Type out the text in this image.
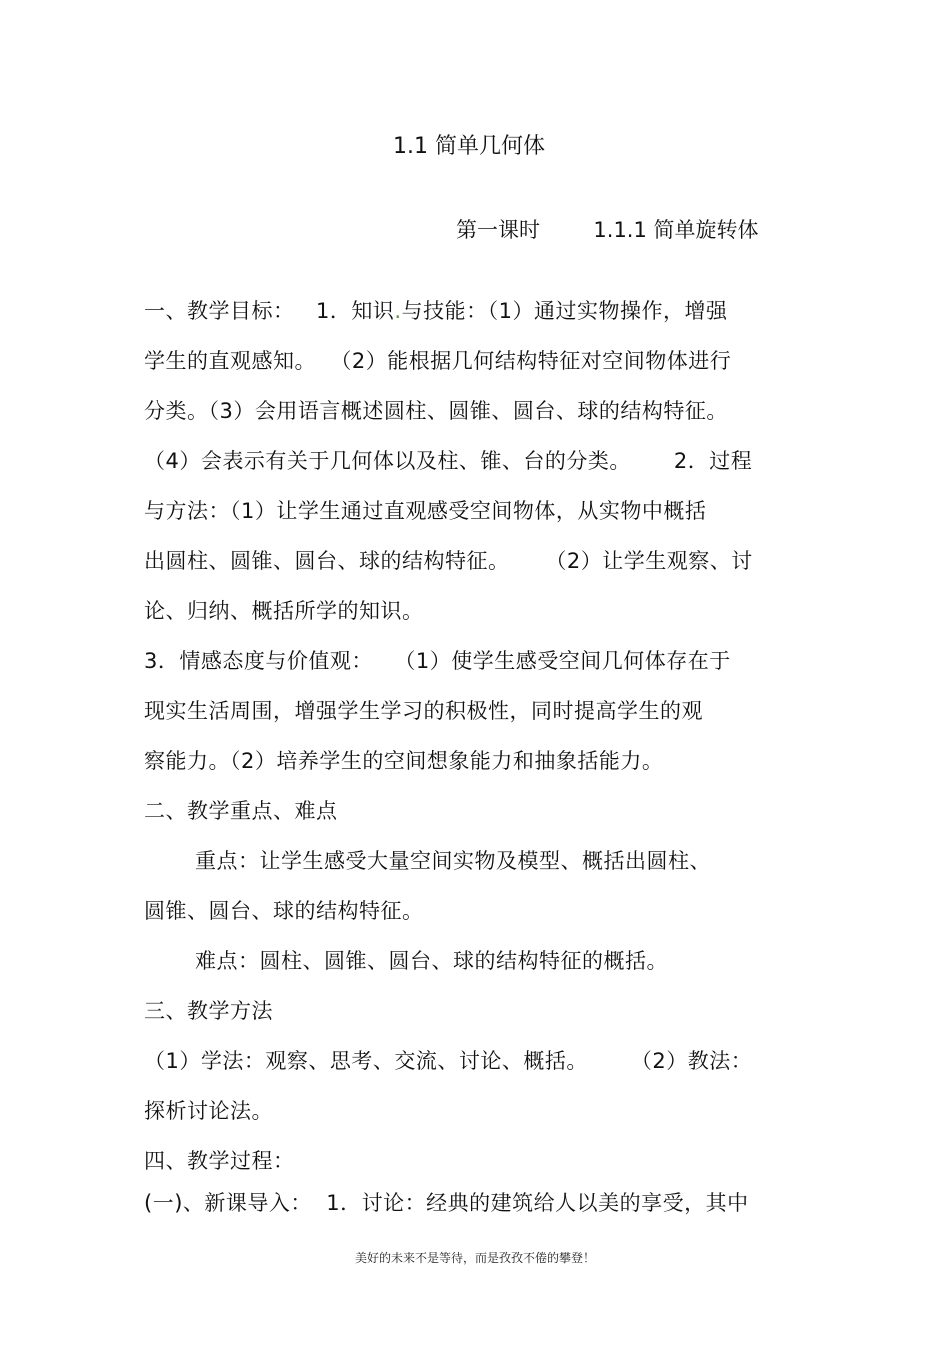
1.1 简单几何体
第一课时        1.1.1 简单旋转体
一、教学目标：   1．知识.与技能：（1）通过实物操作，增强
学生的直观感知。  （2）能根据几何结构特征对空间物体进行
分类。（3）会用语言概述圆柱、圆锥、圆台、球的结构特征。
（4）会表示有关于几何体以及柱、锥、台的分类。      2．过程
与方法：（1）让学生通过直观感受空间物体，从实物中概括
出圆柱、圆锥、圆台、球的结构特征。     （2）让学生观察、讨
论、归纳、概括所学的知识。
3．情感态度与价值观：   （1）使学生感受空间几何体存在于
现实生活周围，增强学生学习的积极性，同时提高学生的观
察能力。（2）培养学生的空间想象能力和抽象括能力。
二、教学重点、难点
重点：让学生感受大量空间实物及模型、概括出圆柱、
圆锥、圆台、球的结构特征。
难点：圆柱、圆锥、圆台、球的结构特征的概括。
三、教学方法
（1）学法：观察、思考、交流、讨论、概括。      （2）教法：
探析讨论法。
四、教学过程：
(一)、新课导入：  1．讨论：经典的建筑给人以美的享受，其中
美好的未来不是等待，而是孜孜不倦的攀登！
